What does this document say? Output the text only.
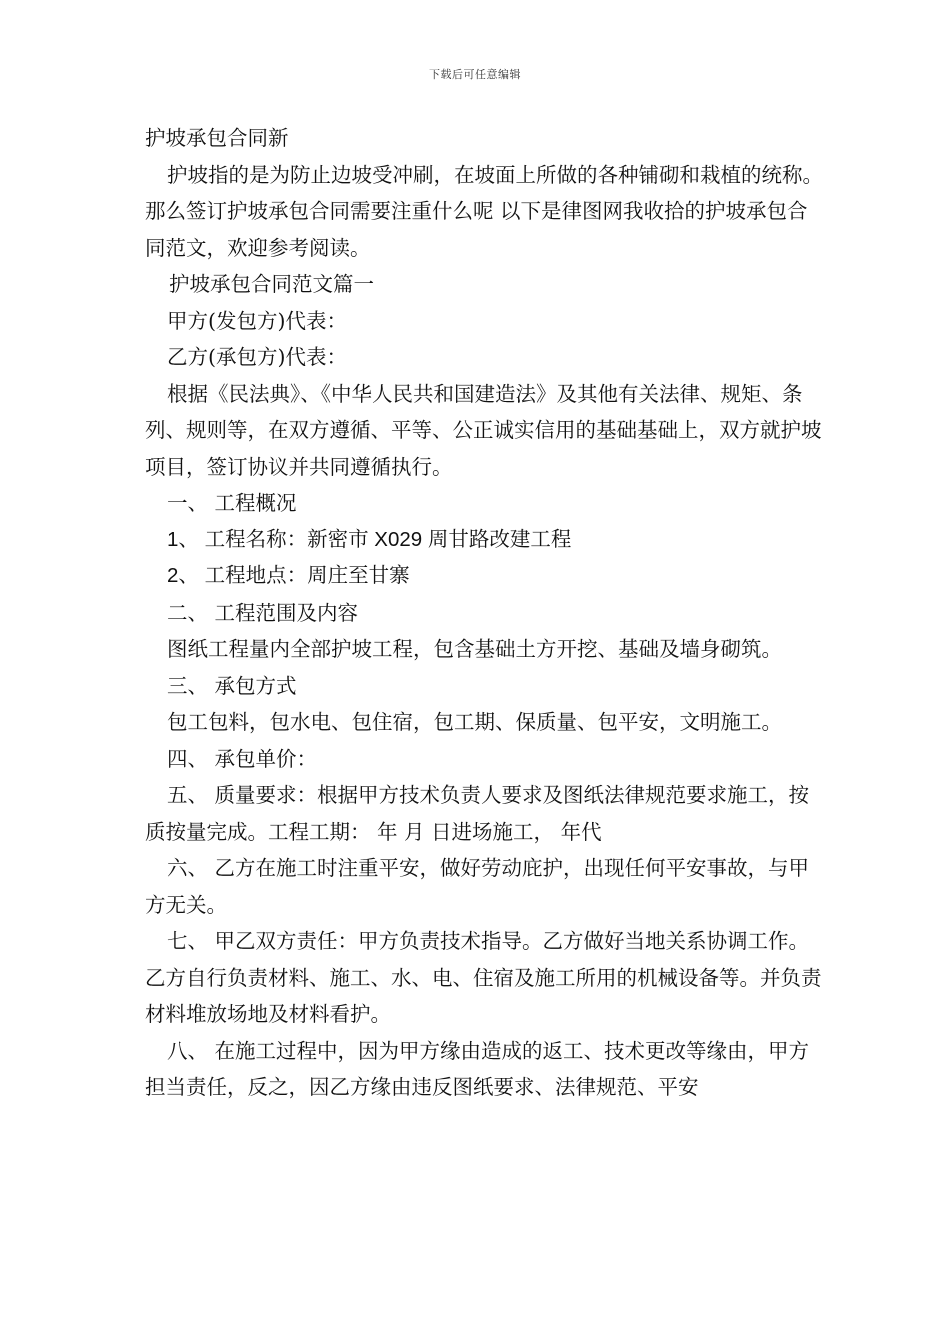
下载后可任意编辑
护坡承包合同新

护坡指的是为防止边坡受冲刷，在坡面上所做的各种铺砌和栽植的统称。那么签订护坡承包合同需要注重什么呢 以下是律图网我收拾的护坡承包合同范文，欢迎参考阅读。

护坡承包合同范文篇一

甲方(发包方)代表：

乙方(承包方)代表：

根据《民法典》、《中华人民共和国建造法》及其他有关法律、规矩、条列、规则等，在双方遵循、平等、公正诚实信用的基础基础上，双方就护坡项目，签订协议并共同遵循执行。

一、 工程概况

1、 工程名称：新密市 X029 周甘路改建工程

2、 工程地点：周庄至甘寨

二、 工程范围及内容

图纸工程量内全部护坡工程，包含基础土方开挖、基础及墙身砌筑。

三、 承包方式

包工包料，包水电、包住宿，包工期、保质量、包平安，文明施工。

四、 承包单价：

五、 质量要求：根据甲方技术负责人要求及图纸法律规范要求施工，按质按量完成。工程工期： 年 月 日进场施工， 年代

六、 乙方在施工时注重平安，做好劳动庇护，出现任何平安事故，与甲方无关。

七、 甲乙双方责任：甲方负责技术指导。乙方做好当地关系协调工作。乙方自行负责材料、施工、水、电、住宿及施工所用的机械设备等。并负责材料堆放场地及材料看护。

八、 在施工过程中，因为甲方缘由造成的返工、技术更改等缘由，甲方担当责任，反之，因乙方缘由违反图纸要求、法律规范、平安
